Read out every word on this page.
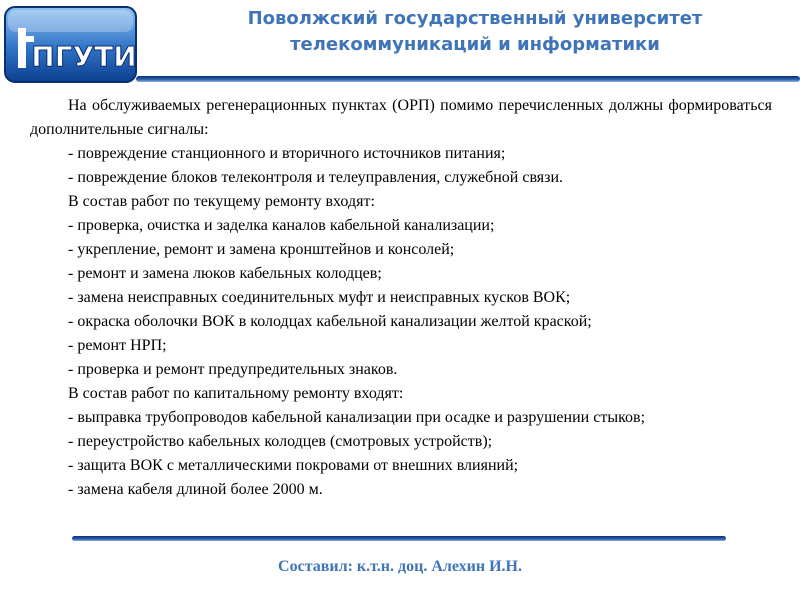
ПГУТИ
Поволжский государственный университет
телекоммуникаций и информатики

На обслуживаемых регенерационных пунктах (ОРП) помимо перечисленных должны формироваться дополнительные сигналы:

- повреждение станционного и вторичного источников питания;

- повреждение блоков телеконтроля и телеуправления, служебной связи.

В состав работ по текущему ремонту входят:

- проверка, очистка и заделка каналов кабельной канализации;

- укрепление, ремонт и замена кронштейнов и консолей;

- ремонт и замена люков кабельных колодцев;

- замена неисправных соединительных муфт и неисправных кусков ВОК;

- окраска оболочки ВОК в колодцах кабельной канализации желтой краской;

- ремонт НРП;

- проверка и ремонт предупредительных знаков.

В состав работ по капитальному ремонту входят:

- выправка трубопроводов кабельной канализации при осадке и разрушении стыков;

- переустройство кабельных колодцев (смотровых устройств);

- защита ВОК с металлическими покровами от внешних влияний;

- замена кабеля длиной более 2000 м.

Составил: к.т.н. доц. Алехин И.Н.
